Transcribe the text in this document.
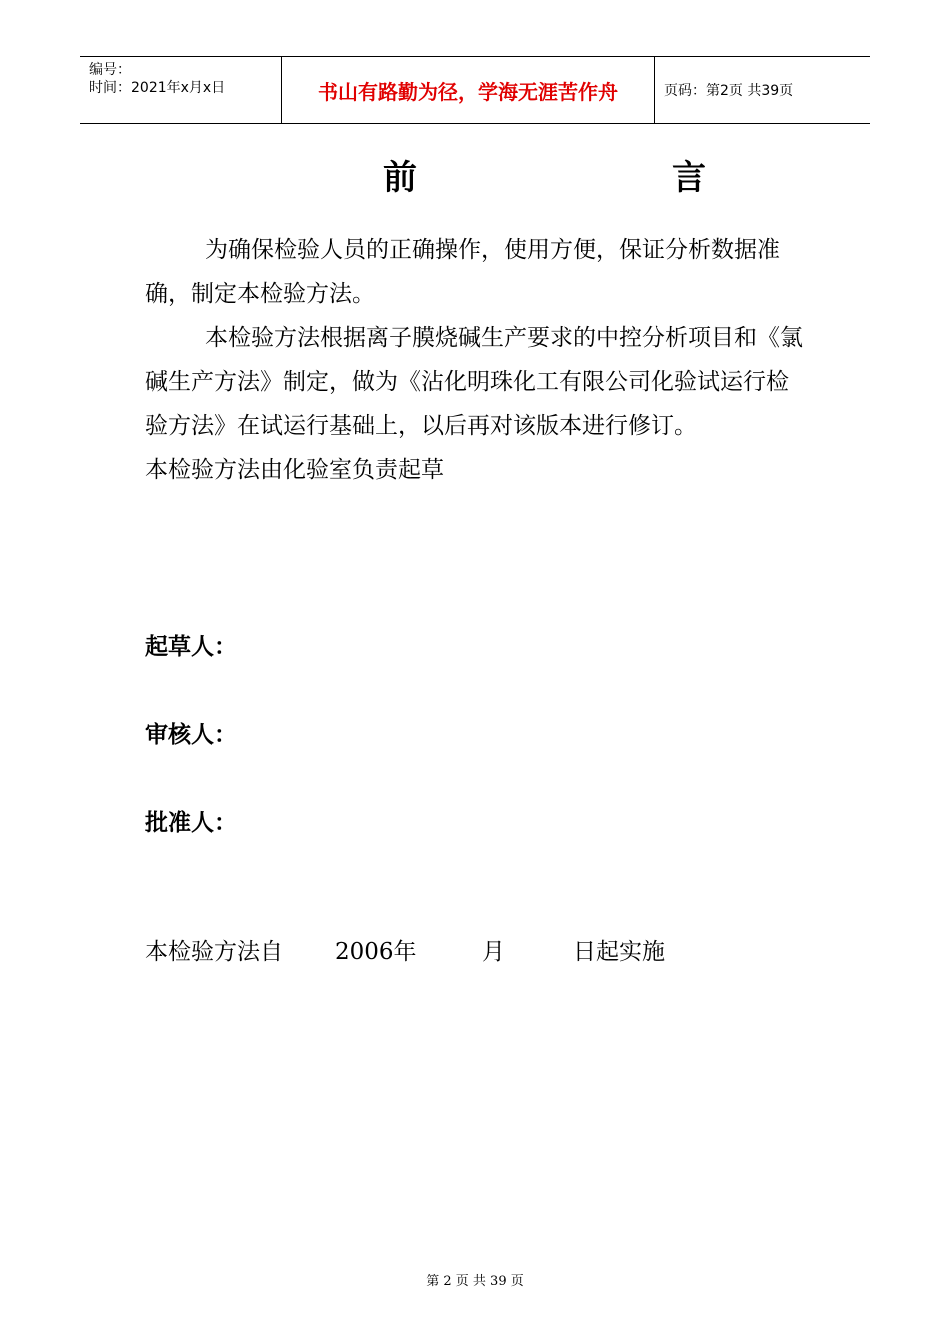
编号：
时间：2021年x月x日	书山有路勤为径，学海无涯苦作舟	页码：第2页 共39页
前	言

为确保检验人员的正确操作，使用方便，保证分析数据准确，制定本检验方法。

本检验方法根据离子膜烧碱生产要求的中控分析项目和《氯碱生产方法》制定，做为《沾化明珠化工有限公司化验试运行检验方法》在试运行基础上，以后再对该版本进行修订。

本检验方法由化验室负责起草

起草人：
审核人：
批准人：
本检验方法自 2006年	月	日起实施
第 2 页 共 39 页
